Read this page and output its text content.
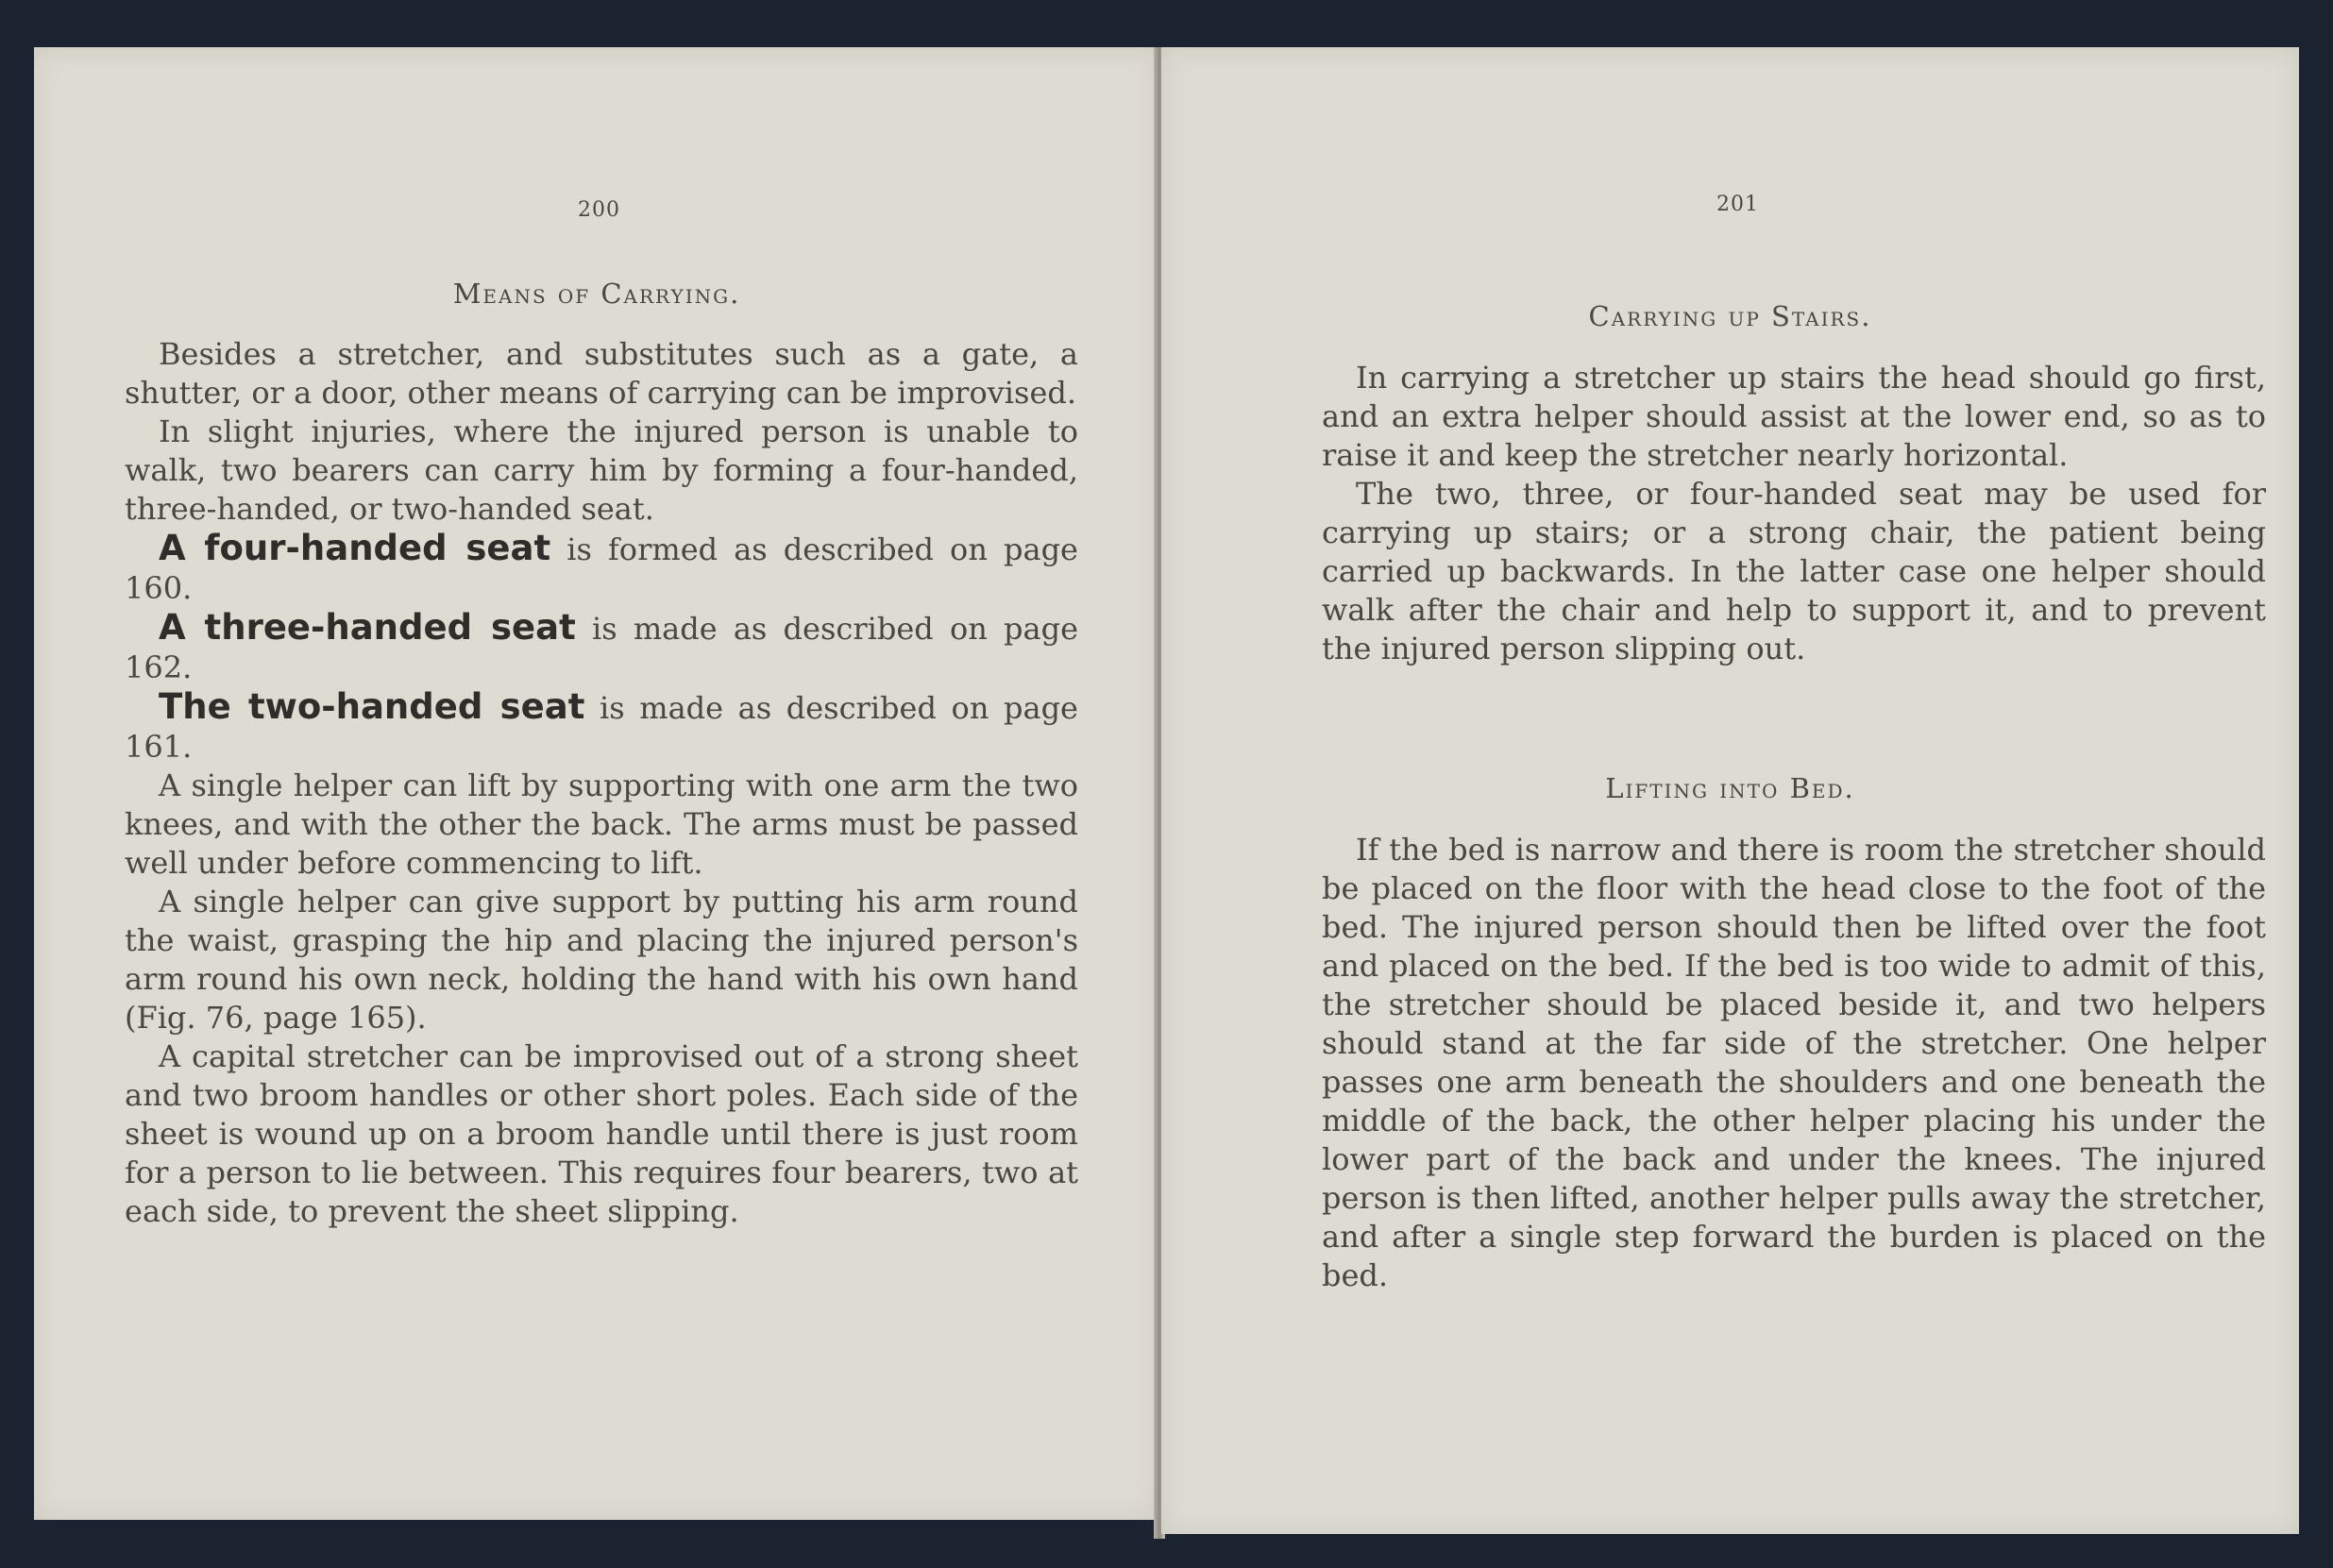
200
Means of Carrying.

Besides a stretcher, and substitutes such as a gate, a shutter, or a door, other means of carrying can be improvised.

In slight injuries, where the injured person is unable to walk, two bearers can carry him by forming a four-handed, three-handed, or two-handed seat.

A four-handed seat is formed as described on page 160.

A three-handed seat is made as described on page 162.

The two-handed seat is made as described on page 161.

A single helper can lift by supporting with one arm the two knees, and with the other the back. The arms must be passed well under before commencing to lift.

A single helper can give support by putting his arm round the waist, grasping the hip and placing the injured person's arm round his own neck, holding the hand with his own hand (Fig. 76, page 165).

A capital stretcher can be improvised out of a strong sheet and two broom handles or other short poles. Each side of the sheet is wound up on a broom handle until there is just room for a person to lie between. This requires four bearers, two at each side, to prevent the sheet slipping.

201
Carrying up Stairs.

In carrying a stretcher up stairs the head should go first, and an extra helper should assist at the lower end, so as to raise it and keep the stretcher nearly horizontal.

The two, three, or four-handed seat may be used for carrying up stairs; or a strong chair, the patient being carried up backwards. In the latter case one helper should walk after the chair and help to support it, and to prevent the injured person slipping out.

Lifting into Bed.

If the bed is narrow and there is room the stretcher should be placed on the floor with the head close to the foot of the bed. The injured person should then be lifted over the foot and placed on the bed. If the bed is too wide to admit of this, the stretcher should be placed beside it, and two helpers should stand at the far side of the stretcher. One helper passes one arm beneath the shoulders and one beneath the middle of the back, the other helper placing his under the lower part of the back and under the knees. The injured person is then lifted, another helper pulls away the stretcher, and after a single step forward the burden is placed on the bed.
